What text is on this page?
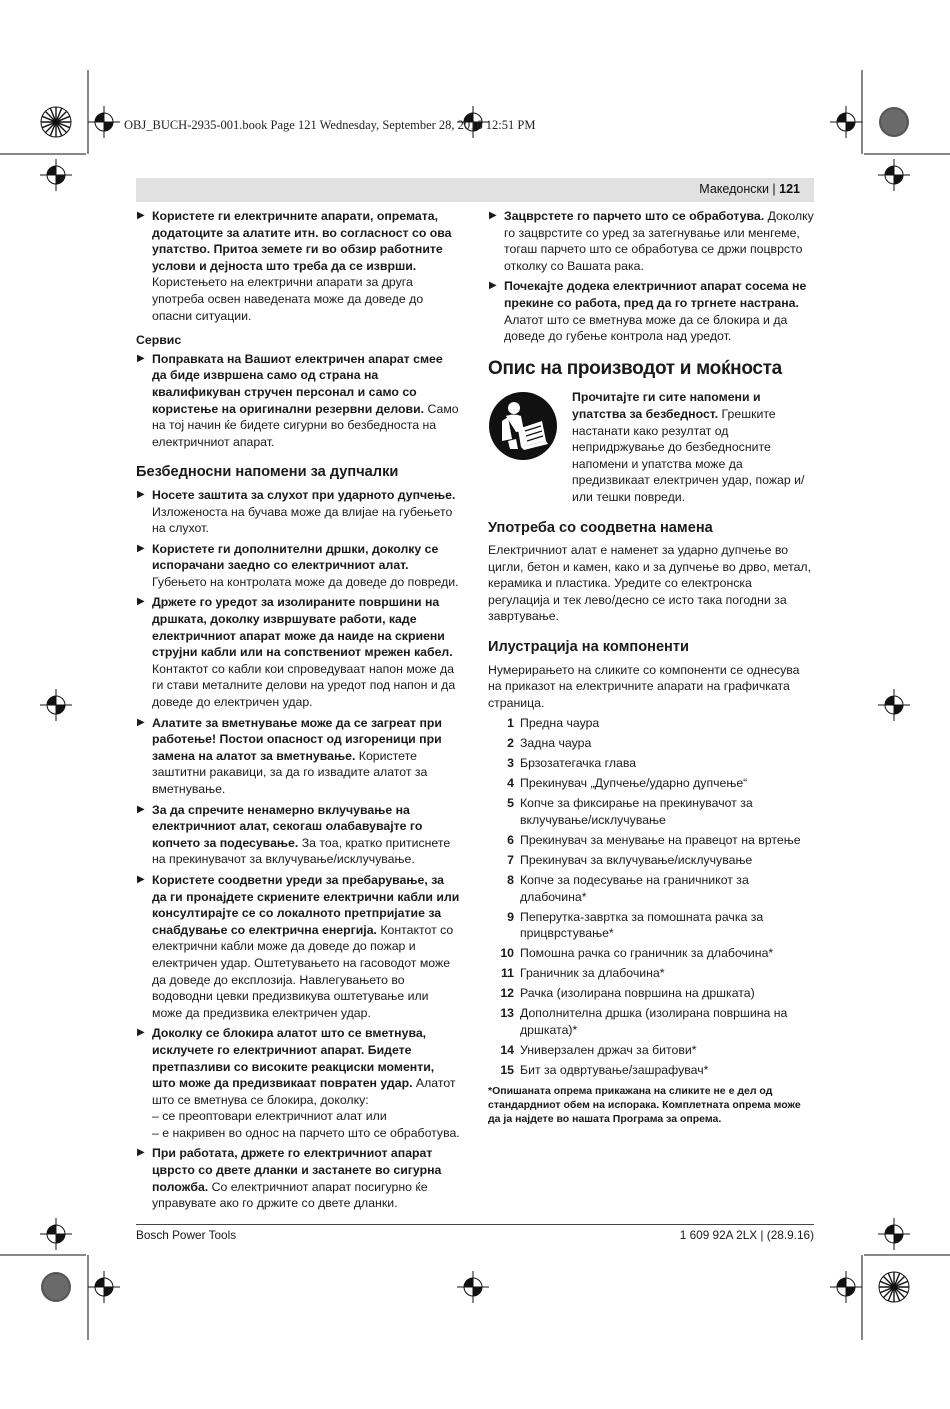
OBJ_BUCH-2935-001.book Page 121 Wednesday, September 28, 2016 12:51 PM
Македонски | 121
▶ Користете ги електричните апарати, опремата, додатоците за алатите итн. во согласност со ова упатство. Притоа земете ги во обзир работните услови и дејноста што треба да се изврши. Користењето на електрични апарати за друга употреба освен наведената може да доведе до опасни ситуации.
Сервис
▶ Поправката на Вашиот електричен апарат смее да биде извршена само од страна на квалификуван стручен персонал и само со користење на оригинални резервни делови. Само на тој начин ќе бидете сигурни во безбедноста на електричниот апарат.
Безбедносни напомени за дупчалки
▶ Носете заштита за слухот при ударното дупчење. Изложеноста на бучава може да влијае на губењето на слухот.
▶ Користете ги дополнителни дршки, доколку се испорачани заедно со електричниот алат. Губењето на контролата може да доведе до повреди.
▶ Држете го уредот за изолираните површини на дршката, доколку извршувате работи, каде електричниот апарат може да наиде на скриени струјни кабли или на сопствениот мрежен кабел. Контактот со кабли кои спроведуваат напон може да ги стави металните делови на уредот под напон и да доведе до електричен удар.
▶ Алатите за вметнување може да се загреат при работење! Постои опасност од изгореници при замена на алатот за вметнување. Користете заштитни ракавици, за да го извадите алатот за вметнување.
▶ За да спречите ненамерно вклучување на електричниот алат, секогаш олабавувајте го копчето за подесување. За тоа, кратко притиснете на прекинувачот за вклучување/исклучување.
▶ Користете соодветни уреди за пребарување, за да ги пронајдете скриените електрични кабли или консултирајте се со локалното претпријатие за снабдување со електрична енергија. Контактот со електрични кабли може да доведе до пожар и електричен удар. Оштетувањето на гасоводот може да доведе до експлозија. Навлегувањето во водоводни цевки предизвикува оштетување или може да предизвика електричен удар.
▶ Доколку се блокира алатот што се вметнува, исклучете го електричниот апарат. Бидете претпазливи со високите реакциски моменти, што може да предизвикаат повратен удар. Алатот што се вметнува се блокира, доколку:
– се преоптовари електричниот алат или
– е накривен во однос на парчето што се обработува.
▶ При работата, држете го електричниот апарат цврсто со двете дланки и застанете во сигурна положба. Со електричниот апарат посигурно ќе управувате ако го држите со двете дланки.
▶ Зацврстете го парчето што се обработува. Доколку го зацврстите со уред за затегнување или менгеме, тогаш парчето што се обработува се држи поцврсто отколку со Вашата рака.
▶ Почекајте додека електричниот апарат сосема не прекине со работа, пред да го тргнете настрана. Алатот што се вметнува може да се блокира и да доведе до губење контрола над уредот.
Опис на производот и моќноста
Прочитајте ги сите напомени и упатства за безбедност. Грешките настанати како резултат од непридржување до безбедносните напомени и упатства може да предизвикаат електричен удар, пожар и/или тешки повреди.
Употреба со соодветна намена
Електричниот алат е наменет за ударно дупчење во цигли, бетон и камен, како и за дупчење во дрво, метал, керамика и пластика. Уредите со електронска регулација и тек лево/десно се исто така погодни за завртување.
Илустрација на компоненти
Нумерирањето на сликите со компоненти се однесува на приказот на електричните апарати на графичката страница.
1 Предна чаура
2 Задна чаура
3 Брзозатегачка глава
4 Прекинувач „Дупчење/ударно дупчење“
5 Копче за фиксирање на прекинувачот за вклучување/исклучување
6 Прекинувач за менување на правецот на вртење
7 Прекинувач за вклучување/исклучување
8 Копче за подесување на граничникот за длабочина*
9 Пеперутка-завртка за помошната рачка за прицврстување*
10 Помошна рачка со граничник за длабочина*
11 Граничник за длабочина*
12 Рачка (изолирана површина на дршката)
13 Дополнителна дршка (изолирана површина на дршката)*
14 Универзален држач за битови*
15 Бит за одвртување/зашрафувач*
*Опишаната опрема прикажана на сликите не е дел од стандардниот обем на испорака. Комплетната опрема може да ја најдете во нашата Програма за опрема.
Bosch Power Tools	1 609 92A 2LX | (28.9.16)
